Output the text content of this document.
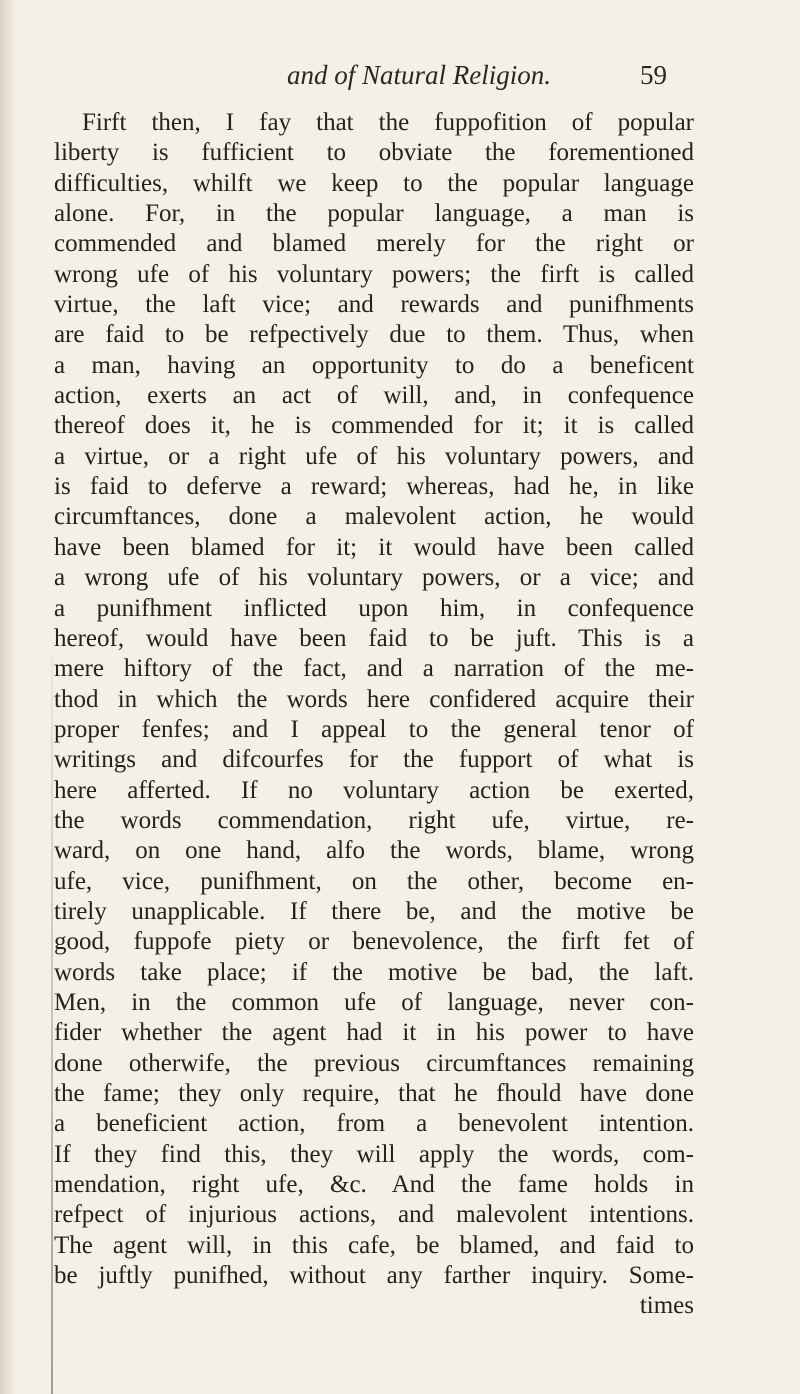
and of Natural Religion.	59
Firft then, I fay that the fuppofition of popular
liberty is fufficient to obviate the forementioned
difficulties, whilft we keep to the popular language
alone. For, in the popular language, a man is
commended and blamed merely for the right or
wrong ufe of his voluntary powers; the firft is called
virtue, the laft vice; and rewards and punifhments
are faid to be refpectively due to them. Thus, when
a man, having an opportunity to do a beneficent
action, exerts an act of will, and, in confequence
thereof does it, he is commended for it; it is called
a virtue, or a right ufe of his voluntary powers, and
is faid to deferve a reward; whereas, had he, in like
circumftances, done a malevolent action, he would
have been blamed for it; it would have been called
a wrong ufe of his voluntary powers, or a vice; and
a punifhment inflicted upon him, in confequence
hereof, would have been faid to be juft. This is a
mere hiftory of the fact, and a narration of the me-
thod in which the words here confidered acquire their
proper fenfes; and I appeal to the general tenor of
writings and difcourfes for the fupport of what is
here afferted. If no voluntary action be exerted,
the words commendation, right ufe, virtue, re-
ward, on one hand, alfo the words, blame, wrong
ufe, vice, punifhment, on the other, become en-
tirely unapplicable. If there be, and the motive be
good, fuppofe piety or benevolence, the firft fet of
words take place; if the motive be bad, the laft.
Men, in the common ufe of language, never con-
fider whether the agent had it in his power to have
done otherwife, the previous circumftances remaining
the fame; they only require, that he fhould have done
a beneficient action, from a benevolent intention.
If they find this, they will apply the words, com-
mendation, right ufe, &c. And the fame holds in
refpect of injurious actions, and malevolent intentions.
The agent will, in this cafe, be blamed, and faid to
be juftly punifhed, without any farther inquiry. Some-
times
